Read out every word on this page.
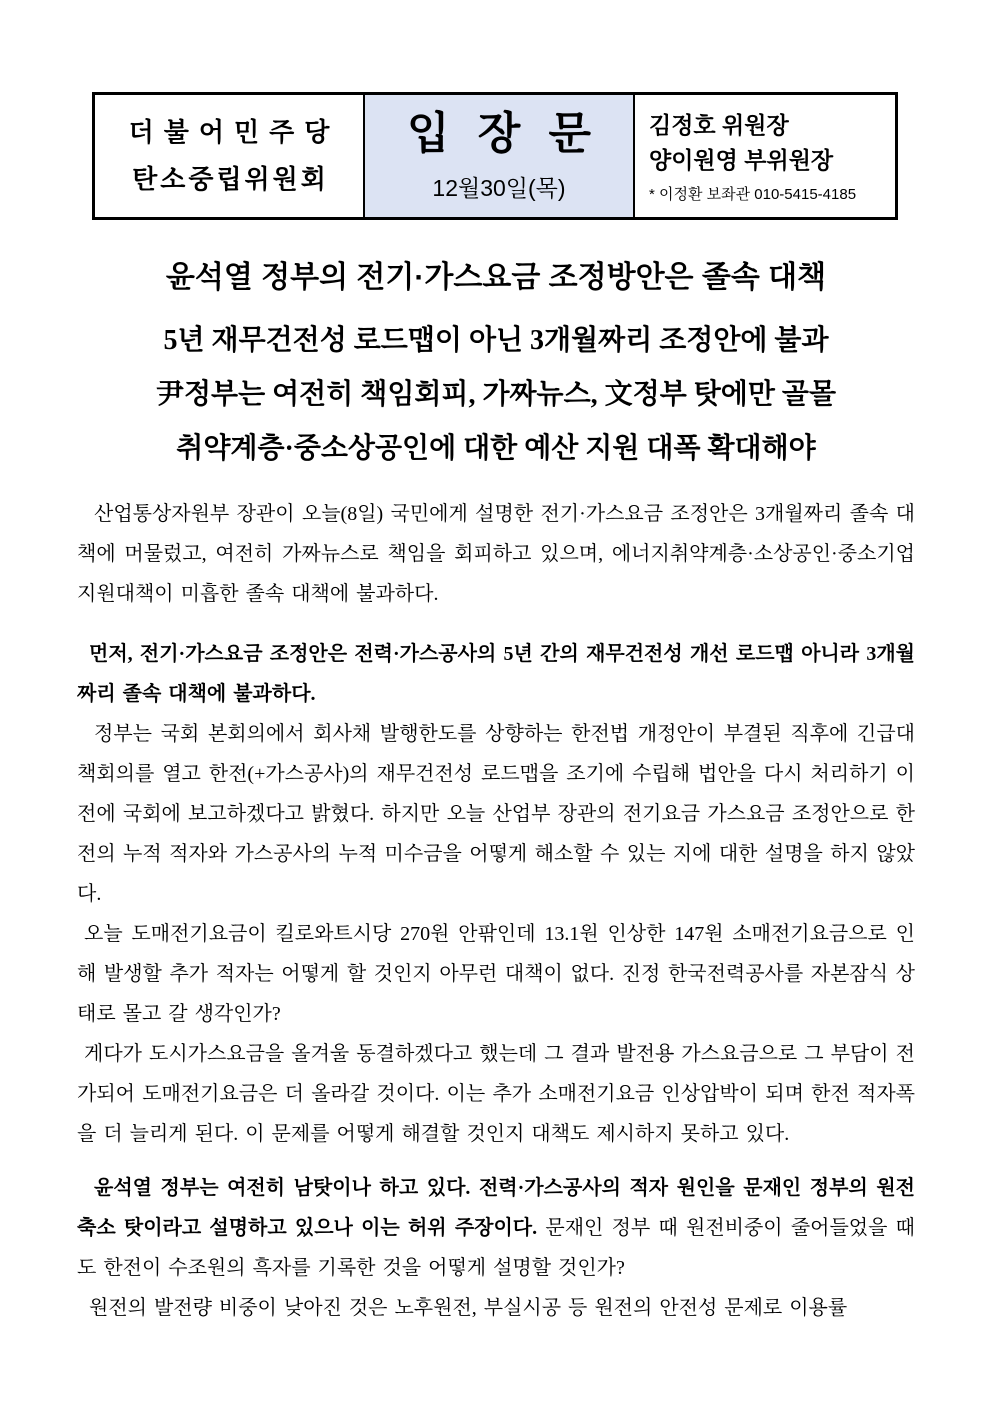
더불어민주당
탄소중립위원회
입 장 문
12월30일(목)
김정호 위원장
양이원영 부위원장
* 이정환 보좌관 010-5415-4185
윤석열 정부의 전기·가스요금 조정방안은 졸속 대책
5년 재무건전성 로드맵이 아닌 3개월짜리 조정안에 불과
尹정부는 여전히 책임회피, 가짜뉴스, 文정부 탓에만 골몰
취약계층·중소상공인에 대한 예산 지원 대폭 확대해야

산업통상자원부 장관이 오늘(8일) 국민에게 설명한 전기·가스요금 조정안은 3개월짜리 졸속 대책에 머물렀고, 여전히 가짜뉴스로 책임을 회피하고 있으며, 에너지취약계층·소상공인·중소기업 지원대책이 미흡한 졸속 대책에 불과하다.

먼저, 전기·가스요금 조정안은 전력·가스공사의 5년 간의 재무건전성 개선 로드맵 아니라 3개월짜리 졸속 대책에 불과하다.

정부는 국회 본회의에서 회사채 발행한도를 상향하는 한전법 개정안이 부결된 직후에 긴급대책회의를 열고 한전(+가스공사)의 재무건전성 로드맵을 조기에 수립해 법안을 다시 처리하기 이전에 국회에 보고하겠다고 밝혔다. 하지만 오늘 산업부 장관의 전기요금 가스요금 조정안으로 한전의 누적 적자와 가스공사의 누적 미수금을 어떻게 해소할 수 있는 지에 대한 설명을 하지 않았다.

오늘 도매전기요금이 킬로와트시당 270원 안팎인데 13.1원 인상한 147원 소매전기요금으로 인해 발생할 추가 적자는 어떻게 할 것인지 아무런 대책이 없다. 진정 한국전력공사를 자본잠식 상태로 몰고 갈 생각인가?

게다가 도시가스요금을 올겨울 동결하겠다고 했는데 그 결과 발전용 가스요금으로 그 부담이 전가되어 도매전기요금은 더 올라갈 것이다. 이는 추가 소매전기요금 인상압박이 되며 한전 적자폭을 더 늘리게 된다. 이 문제를 어떻게 해결할 것인지 대책도 제시하지 못하고 있다.

윤석열 정부는 여전히 남탓이나 하고 있다. 전력·가스공사의 적자 원인을 문재인 정부의 원전 축소 탓이라고 설명하고 있으나 이는 허위 주장이다. 문재인 정부 때 원전비중이 줄어들었을 때도 한전이 수조원의 흑자를 기록한 것을 어떻게 설명할 것인가?

원전의 발전량 비중이 낮아진 것은 노후원전, 부실시공 등 원전의 안전성 문제로 이용률
